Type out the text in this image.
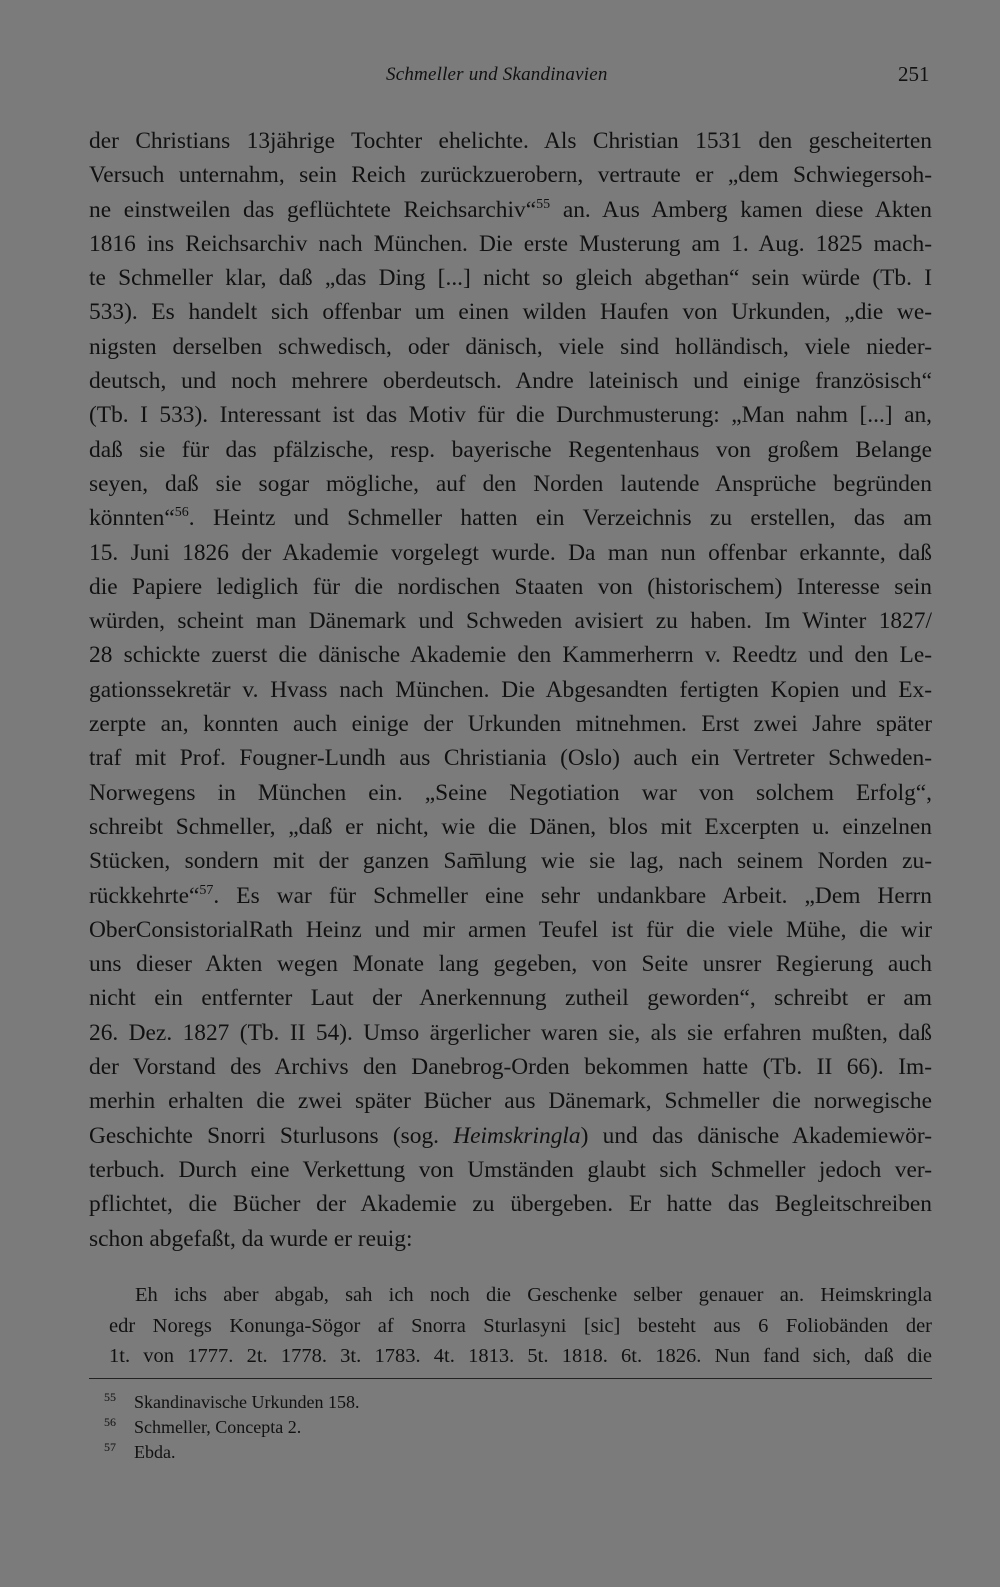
Schmeller und Skandinavien	251
der Christians 13jährige Tochter ehelichte. Als Christian 1531 den gescheiterten
Versuch unternahm, sein Reich zurückzuerobern, vertraute er „dem Schwiegersoh-
ne einstweilen das geflüchtete Reichsarchiv“$^{55}$ an. Aus Amberg kamen diese Akten
1816 ins Reichsarchiv nach München. Die erste Musterung am 1. Aug. 1825 mach-
te Schmeller klar, daß „das Ding [...] nicht so gleich abgethan“ sein würde (Tb. I
533). Es handelt sich offenbar um einen wilden Haufen von Urkunden, „die we-
nigsten derselben schwedisch, oder dänisch, viele sind holländisch, viele nieder-
deutsch, und noch mehrere oberdeutsch. Andre lateinisch und einige französisch“
(Tb. I 533). Interessant ist das Motiv für die Durchmusterung: „Man nahm [...] an,
daß sie für das pfälzische, resp. bayerische Regentenhaus von großem Belange
seyen, daß sie sogar mögliche, auf den Norden lautende Ansprüche begründen
könnten“$^{56}$. Heintz und Schmeller hatten ein Verzeichnis zu erstellen, das am
15. Juni 1826 der Akademie vorgelegt wurde. Da man nun offenbar erkannte, daß
die Papiere lediglich für die nordischen Staaten von (historischem) Interesse sein
würden, scheint man Dänemark und Schweden avisiert zu haben. Im Winter 1827/
28 schickte zuerst die dänische Akademie den Kammerherrn v. Reedtz und den Le-
gationssekretär v. Hvass nach München. Die Abgesandten fertigten Kopien und Ex-
zerpte an, konnten auch einige der Urkunden mitnehmen. Erst zwei Jahre später
traf mit Prof. Fougner-Lundh aus Christiania (Oslo) auch ein Vertreter Schweden-
Norwegens in München ein. „Seine Negotiation war von solchem Erfolg“,
schreibt Schmeller, „daß er nicht, wie die Dänen, blos mit Excerpten u. einzelnen
Stücken, sondern mit der ganzen Sam̅lung wie sie lag, nach seinem Norden zu-
rückkehrte“$^{57}$. Es war für Schmeller eine sehr undankbare Arbeit. „Dem Herrn
OberConsistorialRath Heinz und mir armen Teufel ist für die viele Mühe, die wir
uns dieser Akten wegen Monate lang gegeben, von Seite unsrer Regierung auch
nicht ein entfernter Laut der Anerkennung zutheil geworden“, schreibt er am
26. Dez. 1827 (Tb. II 54). Umso ärgerlicher waren sie, als sie erfahren mußten, daß
der Vorstand des Archivs den Danebrog-Orden bekommen hatte (Tb. II 66). Im-
merhin erhalten die zwei später Bücher aus Dänemark, Schmeller die norwegische
Geschichte Snorri Sturlusons (sog. Heimskringla) und das dänische Akademiewör-
terbuch. Durch eine Verkettung von Umständen glaubt sich Schmeller jedoch ver-
pflichtet, die Bücher der Akademie zu übergeben. Er hatte das Begleitschreiben
schon abgefaßt, da wurde er reuig:
Eh ichs aber abgab, sah ich noch die Geschenke selber genauer an. Heimskringla
edr Noregs Konunga-Sögor af Snorra Sturlasyni [sic] besteht aus 6 Foliobänden der
1t. von 1777. 2t. 1778. 3t. 1783. 4t. 1813. 5t. 1818. 6t. 1826. Nun fand sich, daß die
55 Skandinavische Urkunden 158.
56 Schmeller, Concepta 2.
57 Ebda.
